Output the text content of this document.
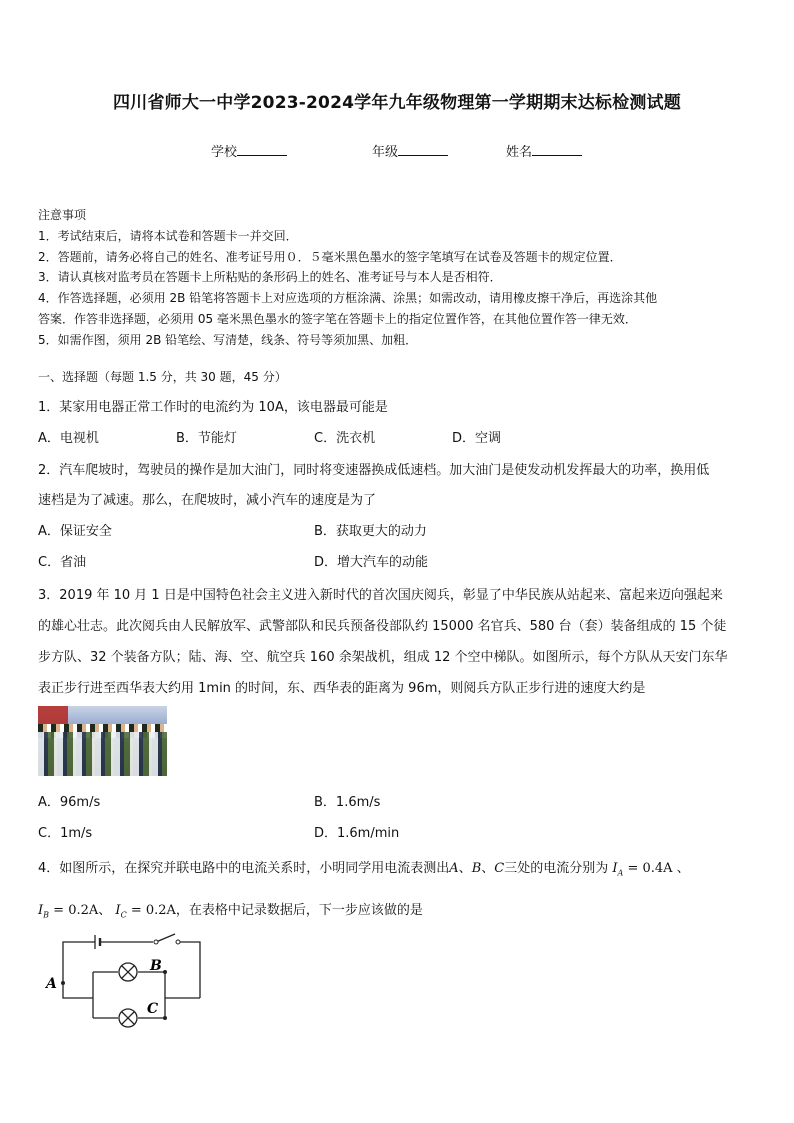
四川省师大一中学2023-2024学年九年级物理第一学期期末达标检测试题
学校	年级	姓名
注意事项
1．考试结束后，请将本试卷和答题卡一并交回．
2．答题前，请务必将自己的姓名、准考证号用０．５毫米黑色墨水的签字笔填写在试卷及答题卡的规定位置．
3．请认真核对监考员在答题卡上所粘贴的条形码上的姓名、准考证号与本人是否相符．
4．作答选择题，必须用 2B 铅笔将答题卡上对应选项的方框涂满、涂黑；如需改动，请用橡皮擦干净后，再选涂其他
答案．作答非选择题，必须用 05 毫米黑色墨水的签字笔在答题卡上的指定位置作答，在其他位置作答一律无效．
5．如需作图，须用 2B 铅笔绘、写清楚，线条、符号等须加黑、加粗．
一、选择题（每题 1.5 分，共 30 题，45 分）
1．某家用电器正常工作时的电流约为 10A，该电器最可能是
A．电视机	B．节能灯	C．洗衣机	D．空调
2．汽车爬坡时，驾驶员的操作是加大油门，同时将变速器换成低速档。加大油门是使发动机发挥最大的功率，换用低
速档是为了减速。那么，在爬坡时，减小汽车的速度是为了
A．保证安全	B．获取更大的动力
C．省油	D．增大汽车的动能
3．2019 年 10 月 1 日是中国特色社会主义进入新时代的首次国庆阅兵，彰显了中华民族从站起来、富起来迈向强起来
的雄心壮志。此次阅兵由人民解放军、武警部队和民兵预备役部队约 15000 名官兵、580 台（套）装备组成的 15 个徒
步方队、32 个装备方队；陆、海、空、航空兵 160 余架战机，组成 12 个空中梯队。如图所示，每个方队从天安门东华
表正步行进至西华表大约用 1min 的时间，东、西华表的距离为 96m，则阅兵方队正步行进的速度大约是
A．96m/s	B．1.6m/s
C．1m/s	D．1.6m/min
4．如图所示，在探究并联电路中的电流关系时，小明同学用电流表测出A、B、C三处的电流分别为 $I_A = 0.4A$ 、
$I_B = 0.2A$、 $I_C = 0.2A$，在表格中记录数据后，下一步应该做的是
A
B
C
